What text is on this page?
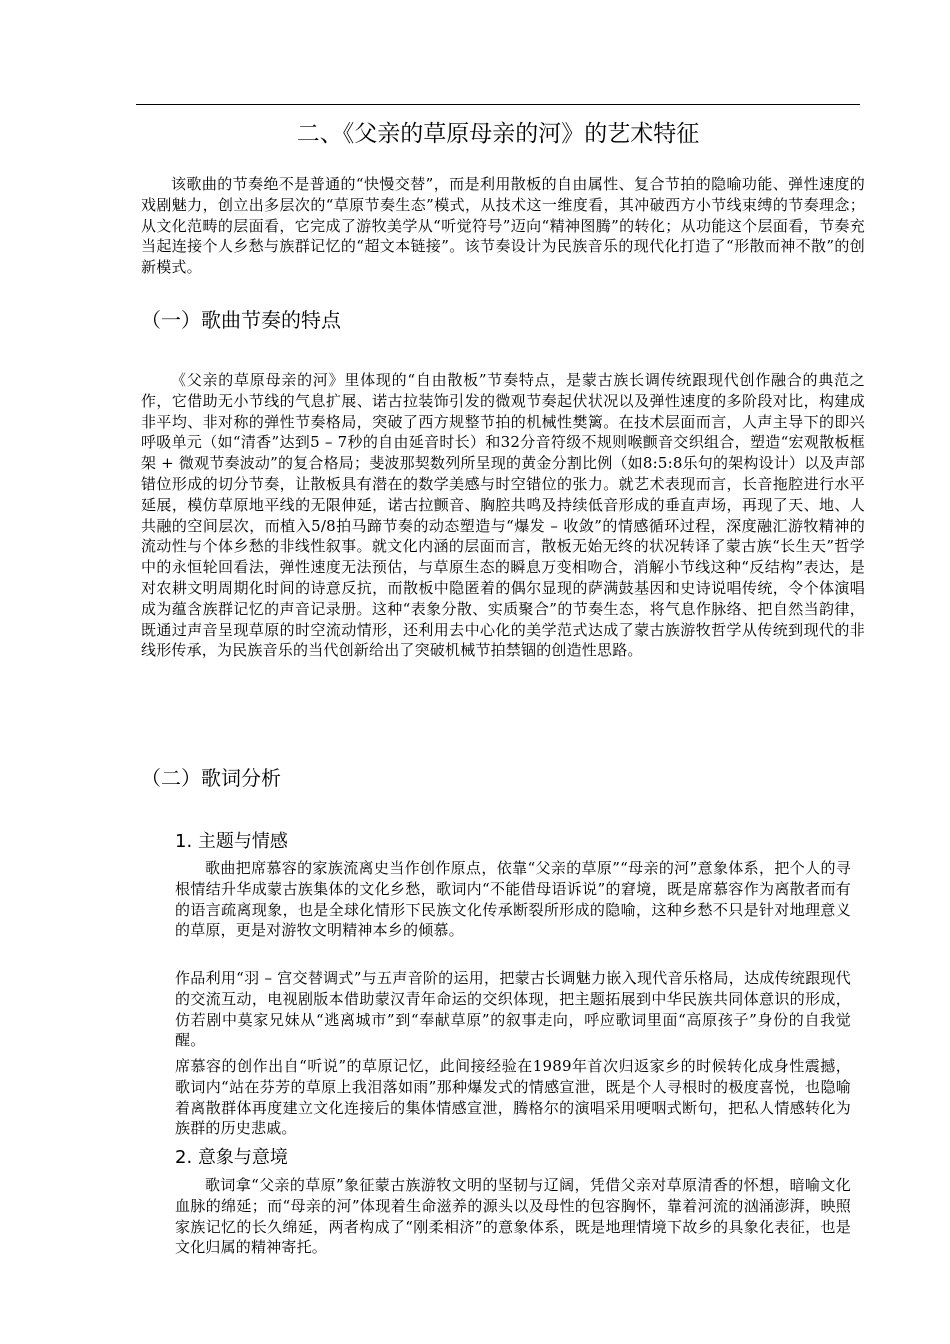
二、《父亲的草原母亲的河》的艺术特征

该歌曲的节奏绝不是普通的“快慢交替”，而是利用散板的自由属性、复合节拍的隐喻功能、弹性速度的戏剧魅力，创立出多层次的“草原节奏生态”模式，从技术这一维度看，其冲破西方小节线束缚的节奏理念；从文化范畴的层面看，它完成了游牧美学从“听觉符号”迈向“精神图腾”的转化；从功能这个层面看，节奏充当起连接个人乡愁与族群记忆的“超文本链接”。该节奏设计为民族音乐的现代化打造了“形散而神不散”的创新模式。

（一）歌曲节奏的特点

《父亲的草原母亲的河》里体现的“自由散板”节奏特点，是蒙古族长调传统跟现代创作融合的典范之作，它借助无小节线的气息扩展、诺古拉装饰引发的微观节奏起伏状况以及弹性速度的多阶段对比，构建成非平均、非对称的弹性节奏格局，突破了西方规整节拍的机械性樊篱。在技术层面而言，人声主导下的即兴呼吸单元（如“清香”达到5 – 7秒的自由延音时长）和32分音符级不规则喉颤音交织组合，塑造“宏观散板框架 + 微观节奏波动”的复合格局；斐波那契数列所呈现的黄金分割比例（如8:5:8乐句的架构设计）以及声部错位形成的切分节奏，让散板具有潜在的数学美感与时空错位的张力。就艺术表现而言，长音拖腔进行水平延展，模仿草原地平线的无限伸延，诺古拉颤音、胸腔共鸣及持续低音形成的垂直声场，再现了天、地、人共融的空间层次，而植入5/8拍马蹄节奏的动态塑造与“爆发 – 收敛”的情感循环过程，深度融汇游牧精神的流动性与个体乡愁的非线性叙事。就文化内涵的层面而言，散板无始无终的状况转译了蒙古族“长生天”哲学中的永恒轮回看法，弹性速度无法预估，与草原生态的瞬息万变相吻合，消解小节线这种“反结构”表达，是对农耕文明周期化时间的诗意反抗，而散板中隐匿着的偶尔显现的萨满鼓基因和史诗说唱传统，令个体演唱成为蕴含族群记忆的声音记录册。这种“表象分散、实质聚合”的节奏生态，将气息作脉络、把自然当韵律，既通过声音呈现草原的时空流动情形，还利用去中心化的美学范式达成了蒙古族游牧哲学从传统到现代的非线形传承，为民族音乐的当代创新给出了突破机械节拍禁锢的创造性思路。

（二）歌词分析
1. 主题与情感

歌曲把席慕容的家族流离史当作创作原点，依靠“父亲的草原”“母亲的河”意象体系，把个人的寻根情结升华成蒙古族集体的文化乡愁，歌词内“不能借母语诉说”的窘境，既是席慕容作为离散者而有的语言疏离现象，也是全球化情形下民族文化传承断裂所形成的隐喻，这种乡愁不只是针对地理意义的草原，更是对游牧文明精神本乡的倾慕。

作品利用“羽 – 宫交替调式”与五声音阶的运用，把蒙古长调魅力嵌入现代音乐格局，达成传统跟现代的交流互动，电视剧版本借助蒙汉青年命运的交织体现，把主题拓展到中华民族共同体意识的形成，仿若剧中莫家兄妹从“逃离城市”到“奉献草原”的叙事走向，呼应歌词里面“高原孩子”身份的自我觉醒。

席慕容的创作出自“听说”的草原记忆，此间接经验在1989年首次归返家乡的时候转化成身性震撼，歌词内“站在芬芳的草原上我泪落如雨”那种爆发式的情感宣泄，既是个人寻根时的极度喜悦，也隐喻着离散群体再度建立文化连接后的集体情感宣泄，腾格尔的演唱采用哽咽式断句，把私人情感转化为族群的历史悲戚。

2. 意象与意境

歌词拿“父亲的草原”象征蒙古族游牧文明的坚韧与辽阔，凭借父亲对草原清香的怀想，暗喻文化血脉的绵延；而“母亲的河”体现着生命滋养的源头以及母性的包容胸怀，靠着河流的汹涌澎湃，映照家族记忆的长久绵延，两者构成了“刚柔相济”的意象体系，既是地理情境下故乡的具象化表征，也是文化归属的精神寄托。
